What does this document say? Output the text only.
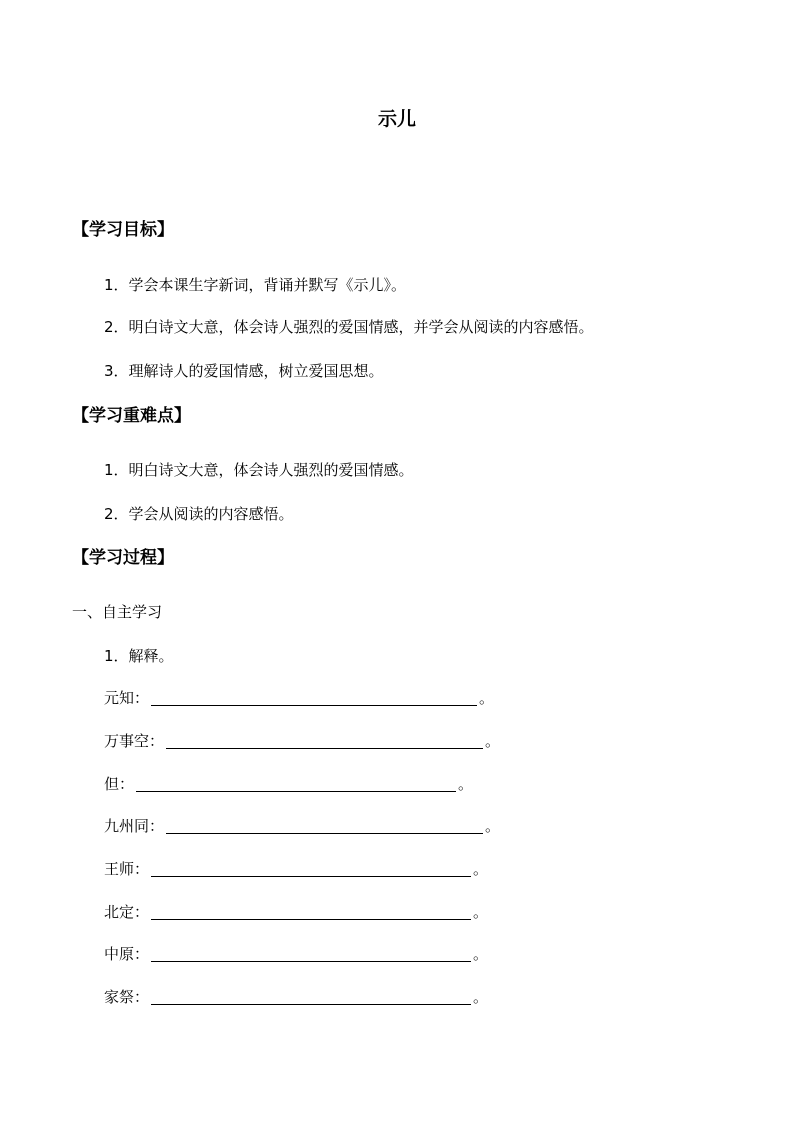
示儿
【学习目标】
1．学会本课生字新词，背诵并默写《示儿》。
2．明白诗文大意，体会诗人强烈的爱国情感，并学会从阅读的内容感悟。
3．理解诗人的爱国情感，树立爱国思想。
【学习重难点】
1．明白诗文大意，体会诗人强烈的爱国情感。
2．学会从阅读的内容感悟。
【学习过程】
一、自主学习
1．解释。
元知：	。
万事空：	。
但：	。
九州同：	。
王师：	。
北定：	。
中原：	。
家祭：	。
